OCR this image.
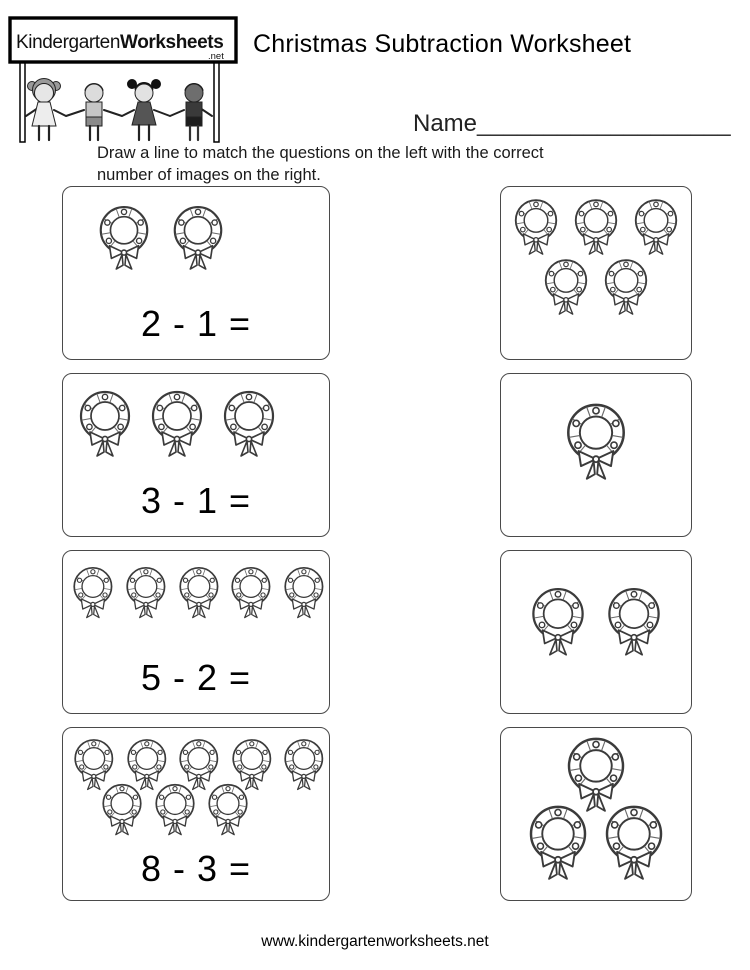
KindergartenWorksheets
.net Christmas Subtraction Worksheet
Name___________________
Draw a line to match the questions on the left with the correct number of images on the right.
2 - 1 =
3 - 1 =
5 - 2 =
8 - 3 =
www.kindergartenworksheets.net
